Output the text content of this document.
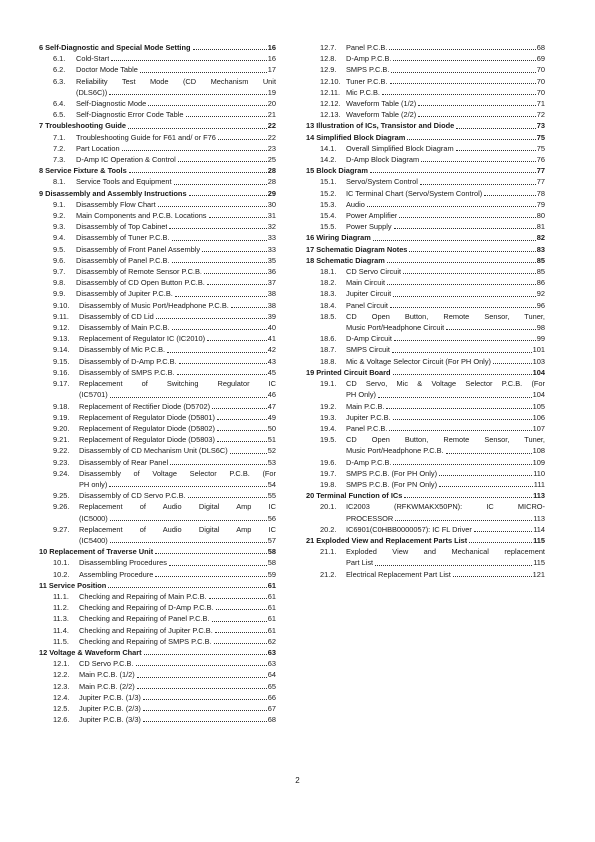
6 Self-Diagnostic and Special Mode Setting	16
6.1.	Cold-Start	16
6.2.	Doctor Mode Table	17
6.3.	Reliability Test Mode (CD Mechanism Unit
(DLS6C))	19
6.4.	Self-Diagnostic Mode	20
6.5.	Self-Diagnostic Error Code Table	21
7 Troubleshooting Guide	22
7.1.	Troubleshooting Guide for F61 and/ or F76	22
7.2.	Part Location	23
7.3.	D-Amp IC Operation & Control	25
8 Service Fixture & Tools	28
8.1.	Service Tools and Equipment	28
9 Disassembly and Assembly Instructions	29
9.1.	Disassembly Flow Chart	30
9.2.	Main Components and P.C.B. Locations	31
9.3.	Disassembly of Top Cabinet	32
9.4.	Disassembly of Tuner P.C.B.	33
9.5.	Disassembly of Front Panel Assembly	33
9.6.	Disassembly of Panel P.C.B.	35
9.7.	Disassembly of Remote Sensor P.C.B.	36
9.8.	Disassembly of CD Open Button P.C.B.	37
9.9.	Disassembly of Jupiter P.C.B.	38
9.10.	Disassembly of Music Port/Headphone P.C.B.	38
9.11.	Disassembly of CD Lid	39
9.12.	Disassembly of Main P.C.B.	40
9.13.	Replacement of Regulator IC (IC2010)	41
9.14.	Disassembly of Mic P.C.B.	42
9.15.	Disassembly of D-Amp P.C.B.	43
9.16.	Disassembly of SMPS P.C.B.	45
9.17.	Replacement of Switching Regulator IC
(IC5701)	46
9.18.	Replacement of Rectifier Diode (D5702)	47
9.19.	Replacement of Regulator Diode (D5801)	49
9.20.	Replacement of Regulator Diode (D5802)	50
9.21.	Replacement of Regulator Diode (D5803)	51
9.22.	Disassembly of CD Mechanism Unit (DLS6C)	52
9.23.	Disassembly of Rear Panel	53
9.24.	Disassembly of Voltage Selector P.C.B. (For
PH only)	54
9.25.	Disassembly of CD Servo P.C.B.	55
9.26.	Replacement of Audio Digital Amp IC
(IC5000)	56
9.27.	Replacement of Audio Digital Amp IC
(IC5400)	57
10 Replacement of Traverse Unit	58
10.1.	Disassembling Procedures	58
10.2.	Assembling Procedure	59
11 Service Position	61
11.1.	Checking and Repairing of Main P.C.B.	61
11.2.	Checking and Repairing of D-Amp P.C.B.	61
11.3.	Checking and Repairing of Panel P.C.B.	61
11.4.	Checking and Repairing of Jupiter P.C.B.	61
11.5.	Checking and Repairing of SMPS P.C.B.	62
12 Voltage & Waveform Chart	63
12.1.	CD Servo P.C.B.	63
12.2.	Main P.C.B. (1/2)	64
12.3.	Main P.C.B. (2/2)	65
12.4.	Jupiter P.C.B. (1/3)	66
12.5.	Jupiter P.C.B. (2/3)	67
12.6.	Jupiter P.C.B. (3/3)	68
12.7.	Panel P.C.B.	68
12.8.	D-Amp P.C.B.	69
12.9.	SMPS P.C.B.	70
12.10. Tuner P.C.B.	70
12.11. Mic P.C.B.	70
12.12. Waveform Table (1/2)	71
12.13. Waveform Table (2/2)	72
13 Illustration of ICs, Transistor and Diode	73
14 Simplified Block Diagram	75
14.1.	Overall Simplified Block Diagram	75
14.2.	D-Amp Block Diagram	76
15 Block Diagram	77
15.1.	Servo/System Control	77
15.2.	IC Terminal Chart (Servo/System Control)	78
15.3.	Audio	79
15.4.	Power Amplifier	80
15.5.	Power Supply	81
16 Wiring Diagram	82
17 Schematic Diagram Notes	83
18 Schematic Diagram	85
18.1.	CD Servo Circuit	85
18.2.	Main Circuit	86
18.3.	Jupiter Circuit	92
18.4.	Panel Circuit	96
18.5.	CD Open Button, Remote Sensor, Tuner,
Music Port/Headphone Circuit	98
18.6.	D-Amp Circuit	99
18.7.	SMPS Circuit	101
18.8.	Mic & Voltage Selector Circuit (For PH Only)	103
19 Printed Circuit Board	104
19.1.	CD Servo, Mic & Voltage Selector P.C.B. (For
PH Only)	104
19.2.	Main P.C.B.	105
19.3.	Jupiter P.C.B.	106
19.4.	Panel P.C.B.	107
19.5.	CD Open Button, Remote Sensor, Tuner,
Music Port/Headphone P.C.B.	108
19.6.	D-Amp P.C.B.	109
19.7.	SMPS P.C.B. (For PH Only)	110
19.8.	SMPS P.C.B. (For PN Only)	111
20 Terminal Function of ICs	113
20.1.	IC2003 (RFKWMAKX50PN): IC MICRO-
PROCESSOR	113
20.2.	IC6901(C0HBB0000057): IC FL Driver	114
21 Exploded View and Replacement Parts List	115
21.1.	Exploded View and Mechanical replacement
Part List	115
21.2.	Electrical Replacement Part List	121
2
